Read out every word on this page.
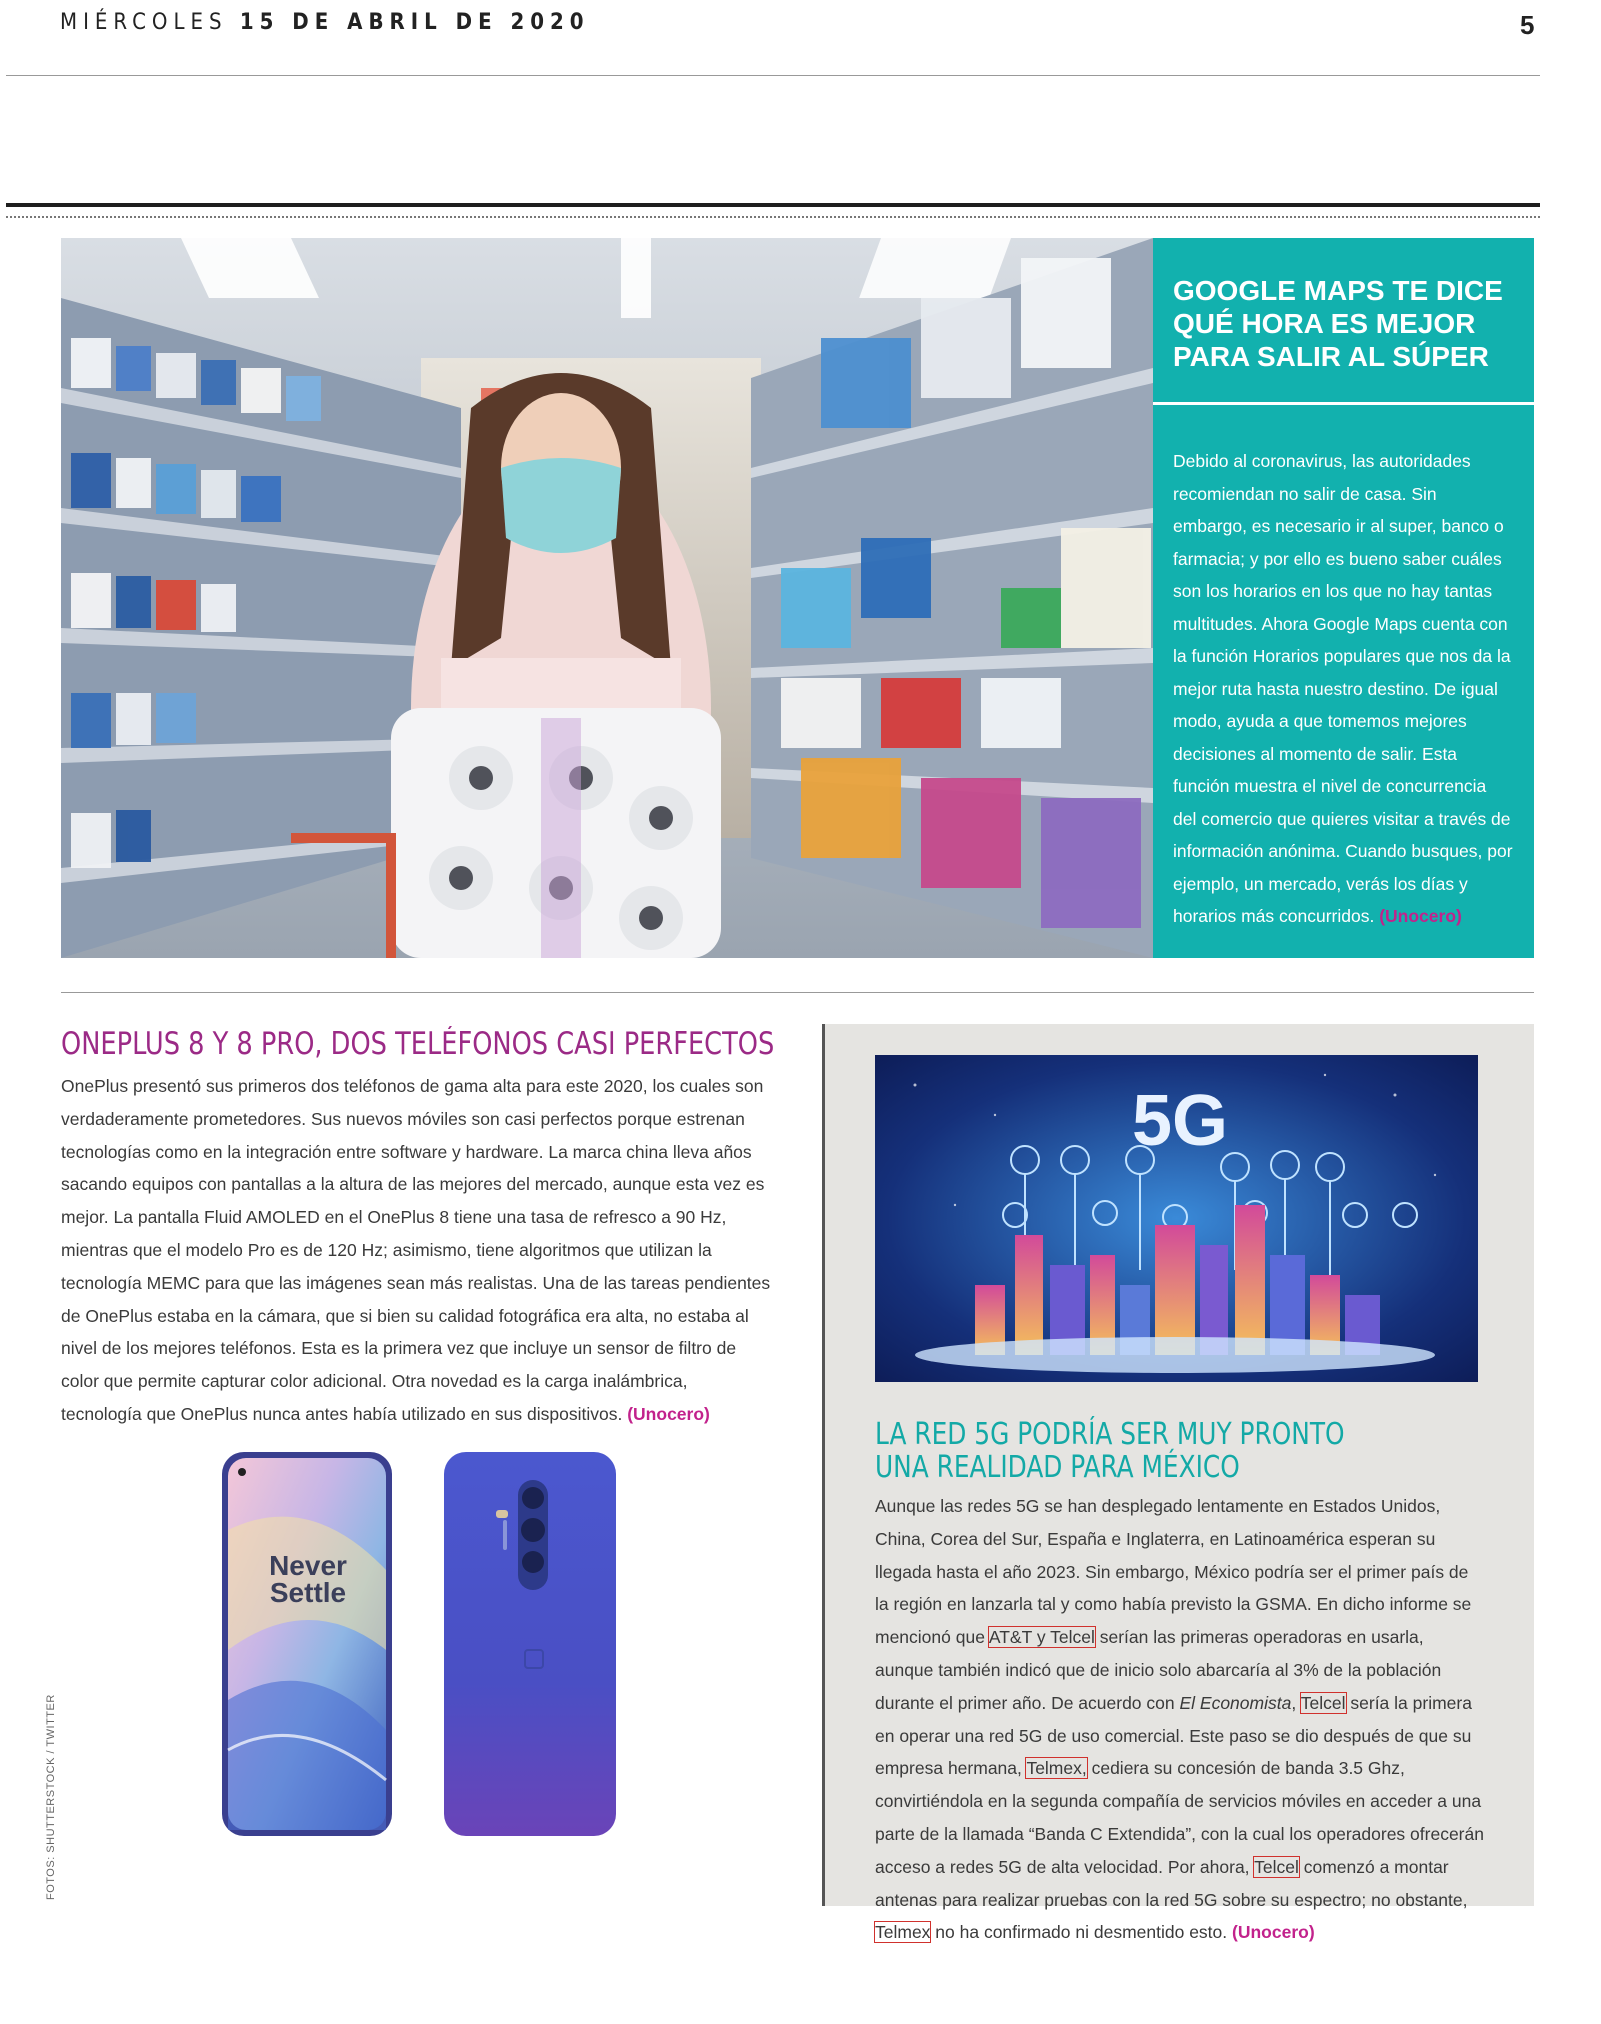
MIÉRCOLES 15 DE ABRIL DE 2020	5
GOOGLE MAPS TE DICE QUÉ HORA ES MEJOR PARA SALIR AL SÚPER
Debido al coronavirus, las autoridades recomiendan no salir de casa. Sin embargo, es necesario ir al super, banco o farmacia; y por ello es bueno saber cuáles son los horarios en los que no hay tantas multitudes. Ahora Google Maps cuenta con la función Horarios populares que nos da la mejor ruta hasta nuestro destino. De igual modo, ayuda a que tomemos mejores decisiones al momento de salir. Esta función muestra el nivel de concurrencia del comercio que quieres visitar a través de información anónima. Cuando busques, por ejemplo, un mercado, verás los días y horarios más concurridos. (Unocero)
ONEPLUS 8 Y 8 PRO, DOS TELÉFONOS CASI PERFECTOS
OnePlus presentó sus primeros dos teléfonos de gama alta para este 2020, los cuales son verdaderamente prometedores. Sus nuevos móviles son casi perfectos porque estrenan tecnologías como en la integración entre software y hardware. La marca china lleva años sacando equipos con pantallas a la altura de las mejores del mercado, aunque esta vez es mejor. La pantalla Fluid AMOLED en el OnePlus 8 tiene una tasa de refresco a 90 Hz, mientras que el modelo Pro es de 120 Hz; asimismo, tiene algoritmos que utilizan la tecnología MEMC para que las imágenes sean más realistas. Una de las tareas pendientes de OnePlus estaba en la cámara, que si bien su calidad fotográfica era alta, no estaba al nivel de los mejores teléfonos. Esta es la primera vez que incluye un sensor de filtro de color que permite capturar color adicional. Otra novedad es la carga inalámbrica, tecnología que OnePlus nunca antes había utilizado en sus dispositivos. (Unocero)
Never
Settle
FOTOS: SHUTTERSTOCK / TWITTER
5G
LA RED 5G PODRÍA SER MUY PRONTO
UNA REALIDAD PARA MÉXICO
Aunque las redes 5G se han desplegado lentamente en Estados Unidos, China, Corea del Sur, España e Inglaterra, en Latinoamérica esperan su llegada hasta el año 2023. Sin embargo, México podría ser el primer país de la región en lanzarla tal y como había previsto la GSMA. En dicho informe se mencionó que AT&T y Telcel serían las primeras operadoras en usarla, aunque también indicó que de inicio solo abarcaría al 3% de la población durante el primer año. De acuerdo con El Economista, Telcel sería la primera en operar una red 5G de uso comercial. Este paso se dio después de que su empresa hermana, Telmex, cediera su concesión de banda 3.5 Ghz, convirtiéndola en la segunda compañía de servicios móviles en acceder a una parte de la llamada “Banda C Extendida”, con la cual los operadores ofrecerán acceso a redes 5G de alta velocidad. Por ahora, Telcel comenzó a montar antenas para realizar pruebas con la red 5G sobre su espectro; no obstante, Telmex no ha confirmado ni desmentido esto. (Unocero)
